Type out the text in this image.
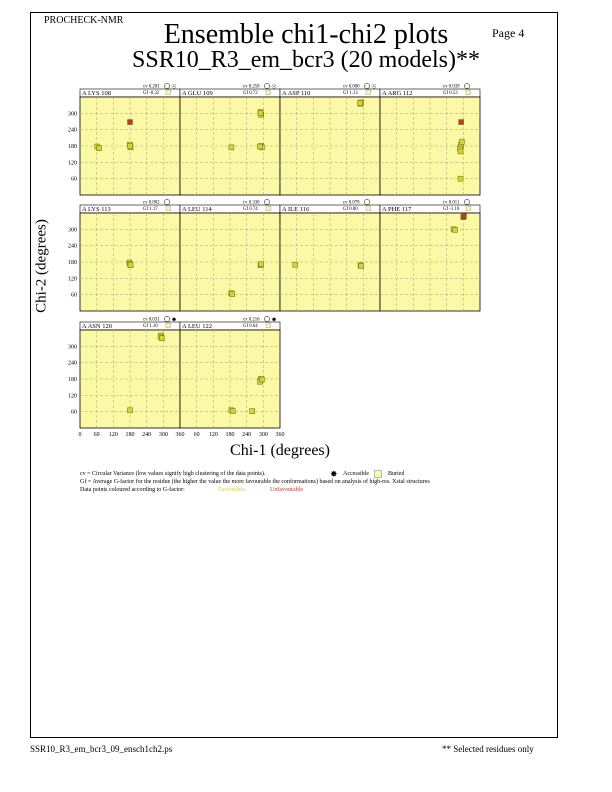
PROCHECK-NMR
Page 4
Ensemble chi1-chi2 plots
SSR10_R3_em_bcr3 (20 models)**
A LYS 108
cv 0.201
Gf -0.32
☉
60
120
180
240
300
A GLU 109
cv 0.258
Gf 0.72
☉
A ASP 110
cv 0.000
Gf 1.13
☉
A ARG 112
cv 0.039
Gf 0.53
A LYS 113
cv 0.002
Gf 1.17
60
120
180
240
300
A LEU 114
cv 0.330
Gf 0.74	A ILE 116
cv 0.078
Gf 0.80	A PHE 117
cv 0.011
Gf -1.10
A ASN 120
cv 0.031
Gf 1.10
✸
60
120
180
240
300
0 60 120 180 240 300 360
A LEU 122
cv 0.216
Gf 0.64
✸
60 120 180 240 300 360
Chi-2 (degrees)
Chi-1 (degrees)
cv = Circular Variance (low values signify high clustering of the data points).	✸ Accessible	Buried
Gf = Average G-factor for the residue (the higher the value the more favourable the conformations) based on analysis of high-res. Xstal structures
Data points coloured according to G-factor:	Favourable	Unfavourable
SSR10_R3_em_bcr3_09_ensch1ch2.ps	** Selected residues only
